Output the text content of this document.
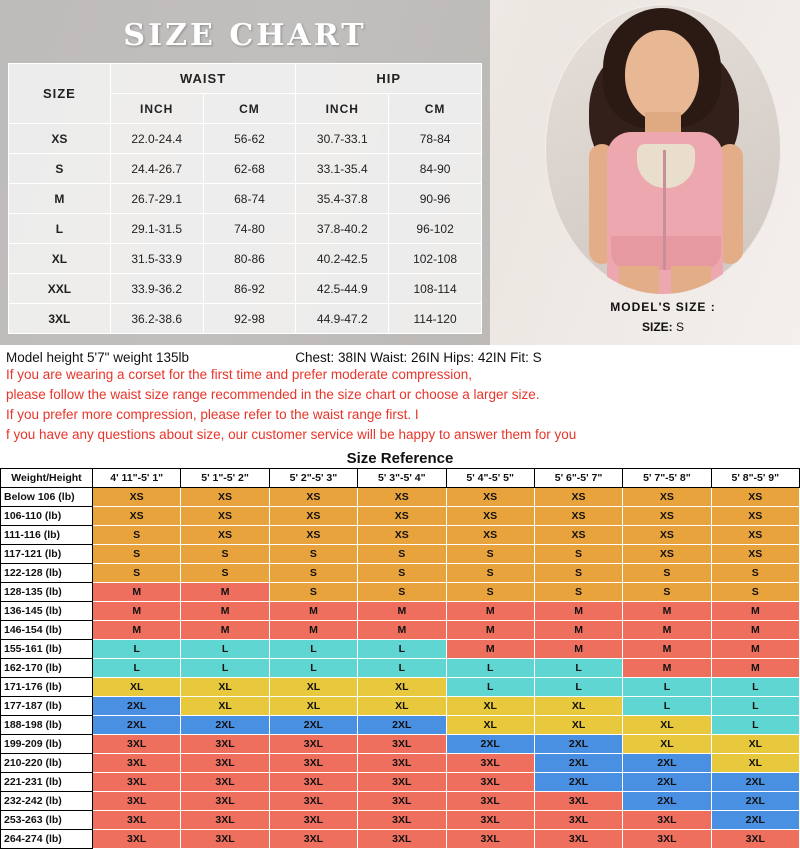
SIZE CHART
SIZE	WAIST		HIP	
	INCH	CM	INCH	CM
XS	22.0-24.4	56-62	30.7-33.1	78-84
S	24.4-26.7	62-68	33.1-35.4	84-90
M	26.7-29.1	68-74	35.4-37.8	90-96
L	29.1-31.5	74-80	37.8-40.2	96-102
XL	31.5-33.9	80-86	40.2-42.5	102-108
XXL	33.9-36.2	86-92	42.5-44.9	108-114
3XL	36.2-38.6	92-98	44.9-47.2	114-120
MODEL'S SIZE :
SIZE: S
Model height 5'7" weight 135lb	Chest: 38IN Waist: 26IN Hips: 42IN Fit: S
If you are wearing a corset for the first time and prefer moderate compression,
please follow the waist size range recommended in the size chart or choose a larger size.
If you prefer more compression, please refer to the waist range first. I
f you have any questions about size, our customer service will be happy to answer them for you
Size Reference
Weight/Height	4' 11"-5' 1"	5' 1"-5' 2"	5' 2"-5' 3"	5' 3"-5' 4"	5' 4"-5' 5"	5' 6"-5' 7"	5' 7"-5' 8"	5' 8"-5' 9"
Below 106 (lb)	XS	XS	XS	XS	XS	XS	XS	XS
106-110 (lb)	XS	XS	XS	XS	XS	XS	XS	XS
111-116 (lb)	S	XS	XS	XS	XS	XS	XS	XS
117-121 (lb)	S	S	S	S	S	S	XS	XS
122-128 (lb)	S	S	S	S	S	S	S	S
128-135 (lb)	M	M	S	S	S	S	S	S
136-145 (lb)	M	M	M	M	M	M	M	M
146-154 (lb)	M	M	M	M	M	M	M	M
155-161 (lb)	L	L	L	L	M	M	M	M
162-170 (lb)	L	L	L	L	L	L	M	M
171-176 (lb)	XL	XL	XL	XL	L	L	L	L
177-187 (lb)	2XL	XL	XL	XL	XL	XL	L	L
188-198 (lb)	2XL	2XL	2XL	2XL	XL	XL	XL	L
199-209 (lb)	3XL	3XL	3XL	3XL	2XL	2XL	XL	XL
210-220 (lb)	3XL	3XL	3XL	3XL	3XL	2XL	2XL	XL
221-231 (lb)	3XL	3XL	3XL	3XL	3XL	2XL	2XL	2XL
232-242 (lb)	3XL	3XL	3XL	3XL	3XL	3XL	2XL	2XL
253-263 (lb)	3XL	3XL	3XL	3XL	3XL	3XL	3XL	2XL
264-274 (lb)	3XL	3XL	3XL	3XL	3XL	3XL	3XL	3XL
